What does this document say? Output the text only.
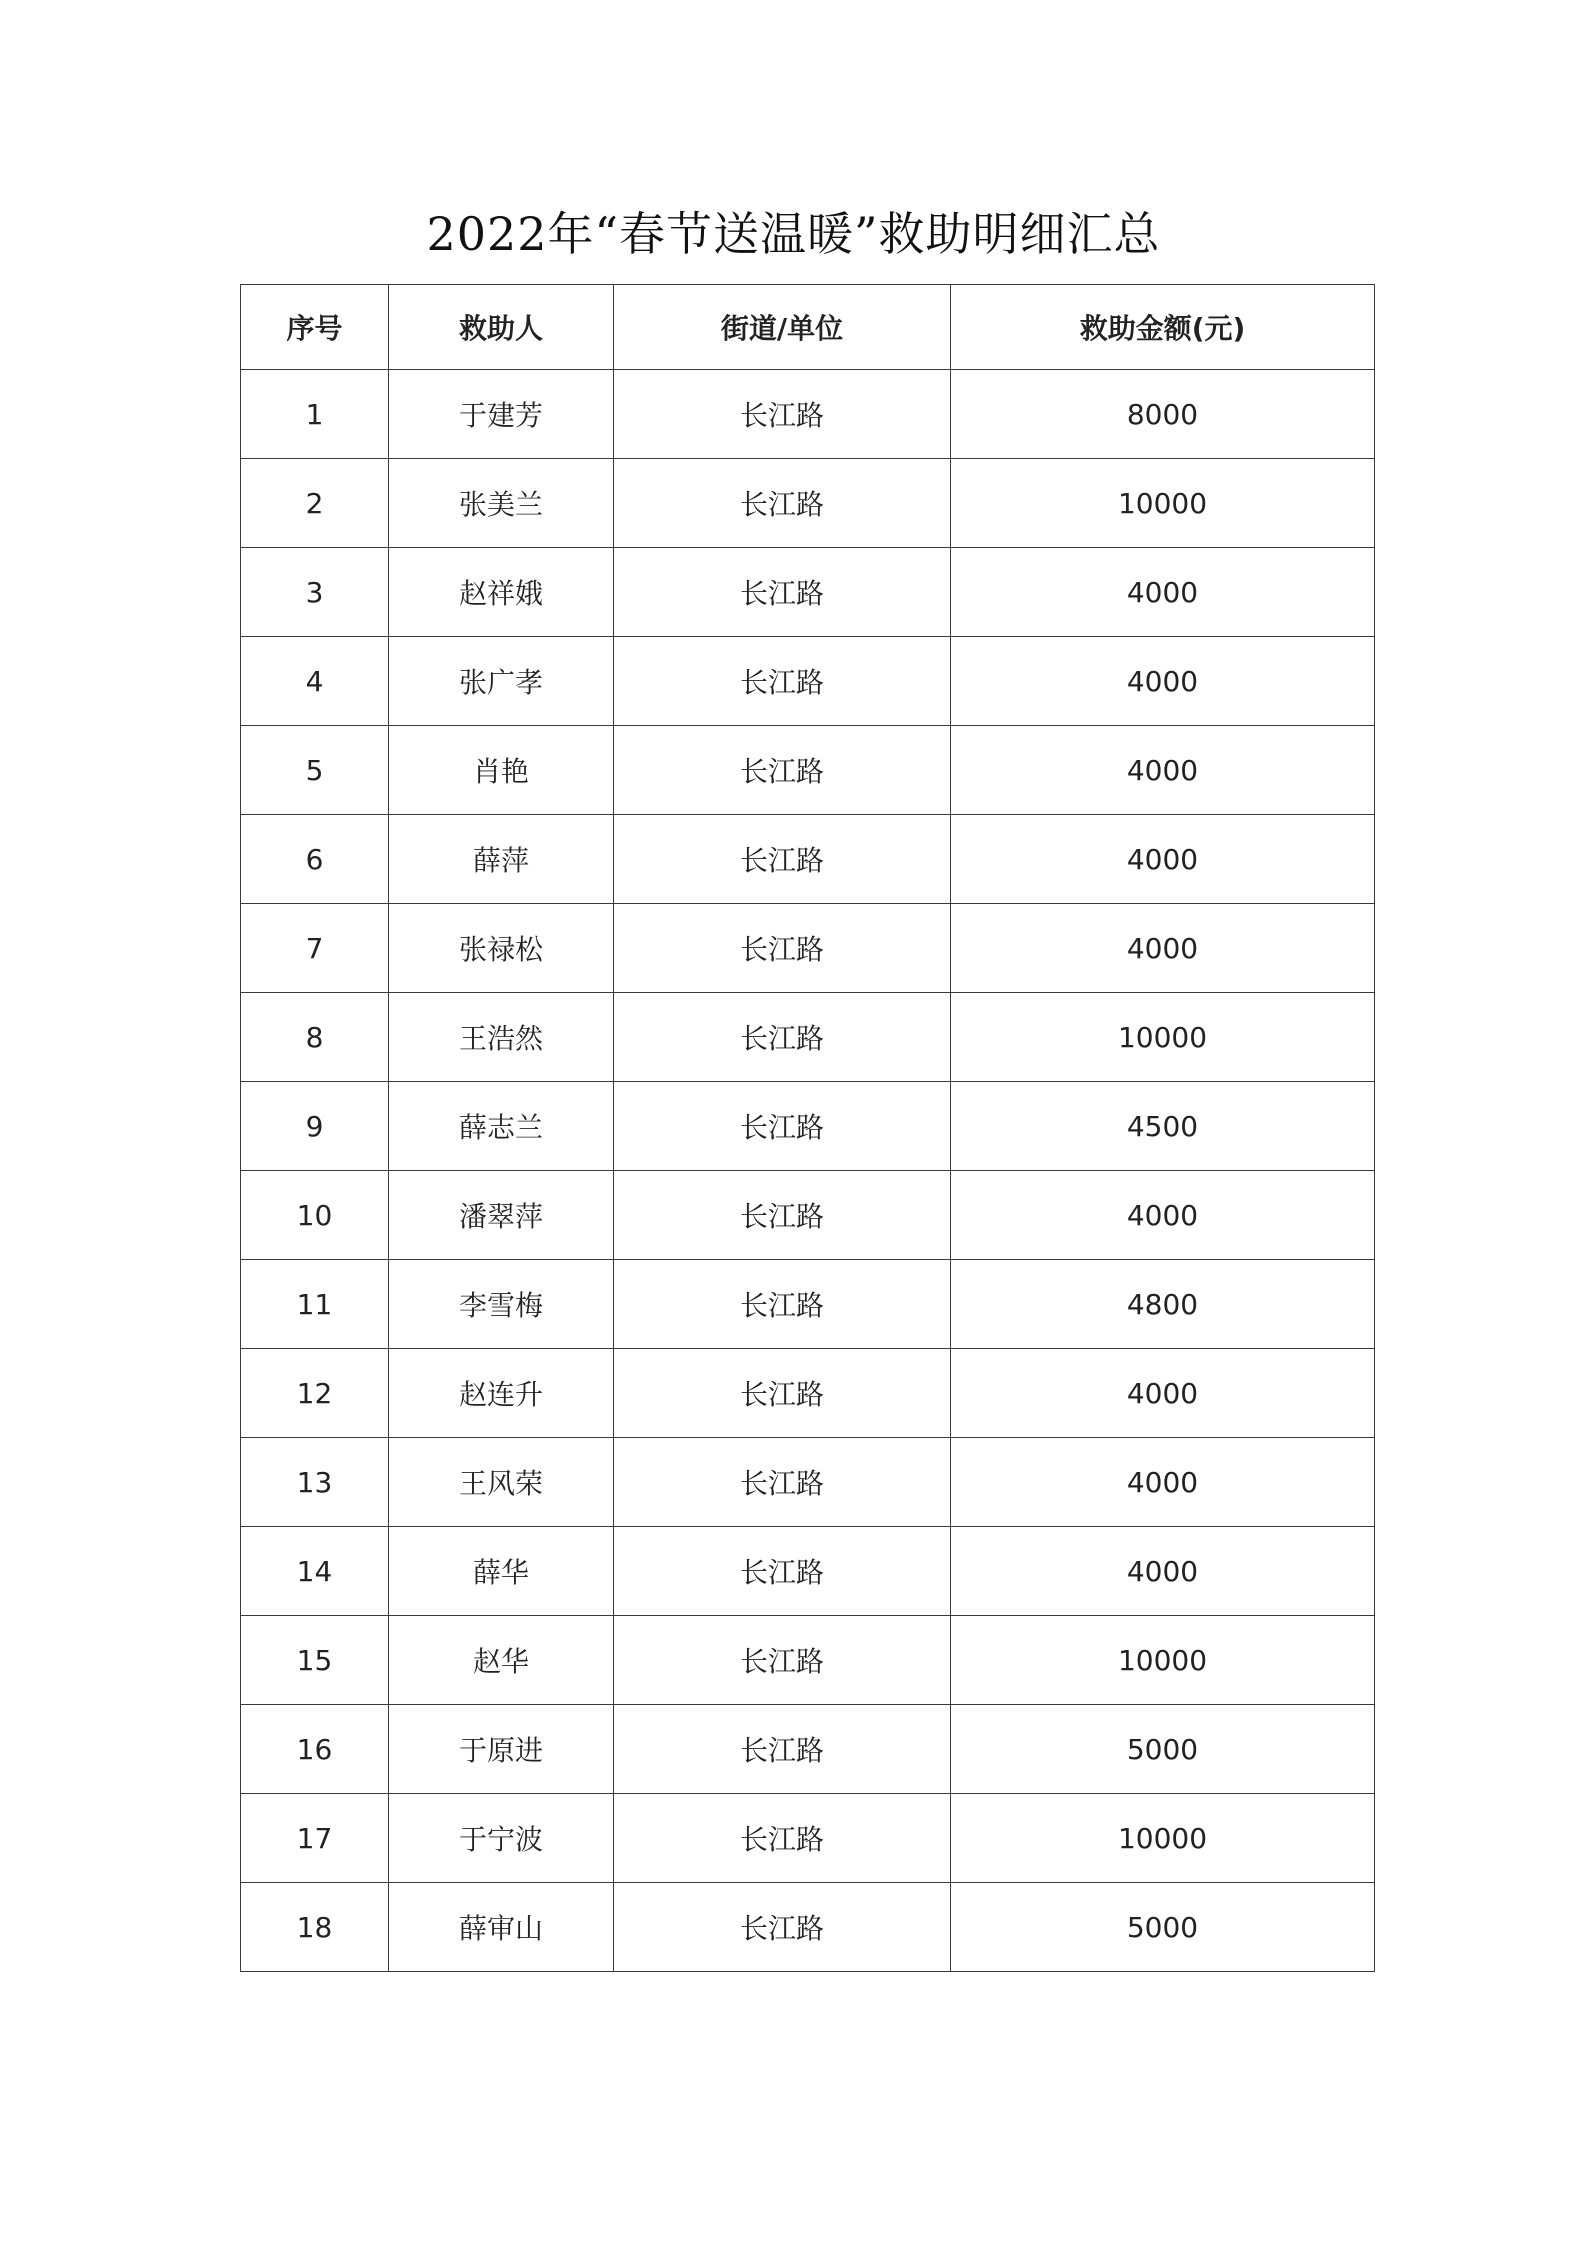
2022年“春节送温暖”救助明细汇总
序号	救助人	街道/单位	救助金额(元)
1	于建芳	长江路	8000
2	张美兰	长江路	10000
3	赵祥娥	长江路	4000
4	张广孝	长江路	4000
5	肖艳	长江路	4000
6	薛萍	长江路	4000
7	张禄松	长江路	4000
8	王浩然	长江路	10000
9	薛志兰	长江路	4500
10	潘翠萍	长江路	4000
11	李雪梅	长江路	4800
12	赵连升	长江路	4000
13	王风荣	长江路	4000
14	薛华	长江路	4000
15	赵华	长江路	10000
16	于原进	长江路	5000
17	于宁波	长江路	10000
18	薛审山	长江路	5000
